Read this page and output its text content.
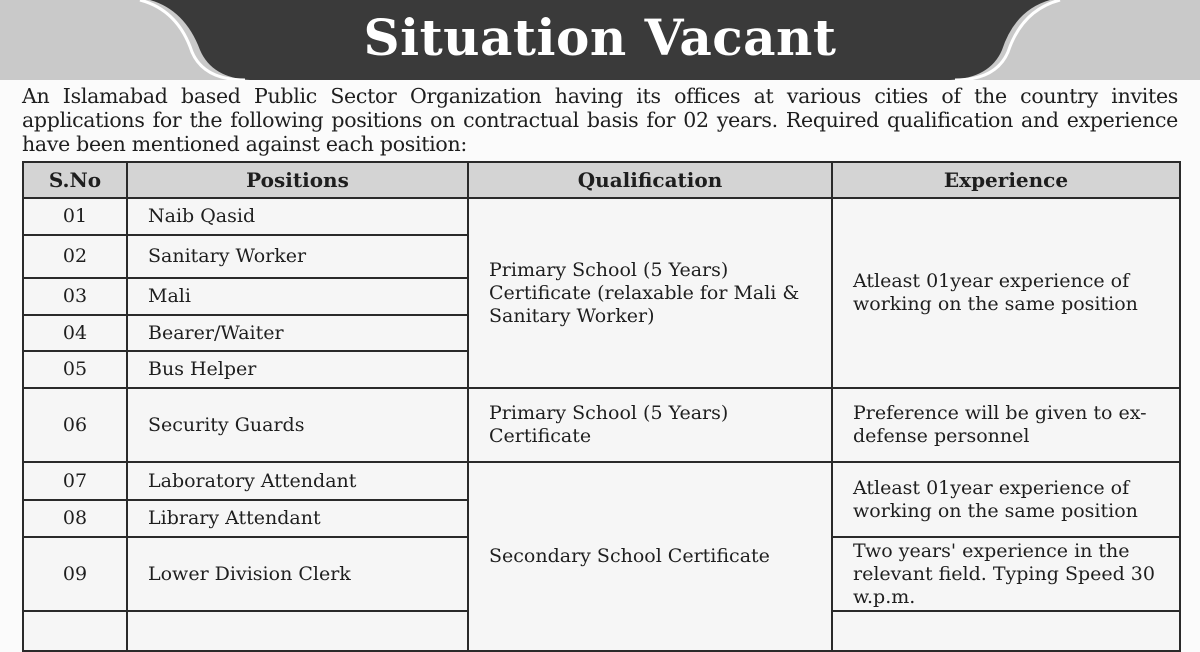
Situation Vacant

An Islamabad based Public Sector Organization having its offices at various cities of the country invites applications for the following positions on contractual basis for 02 years. Required qualification and experience have been mentioned against each position:

S.No	Positions	Qualification	Experience
01	Naib Qasid	Primary School (5 Years) Certificate (relaxable for Mali & Sanitary Worker)	Atleast 01year experience of working on the same position
02	Sanitary Worker		
03	Mali		
04	Bearer/Waiter		
05	Bus Helper		
06	Security Guards	Primary School (5 Years) Certificate	Preference will be given to ex-defense personnel
07	Laboratory Attendant	Secondary School Certificate	Atleast 01year experience of working on the same position
08	Library Attendant		
09	Lower Division Clerk		Two years' experience in the relevant field. Typing Speed 30 w.p.m.
